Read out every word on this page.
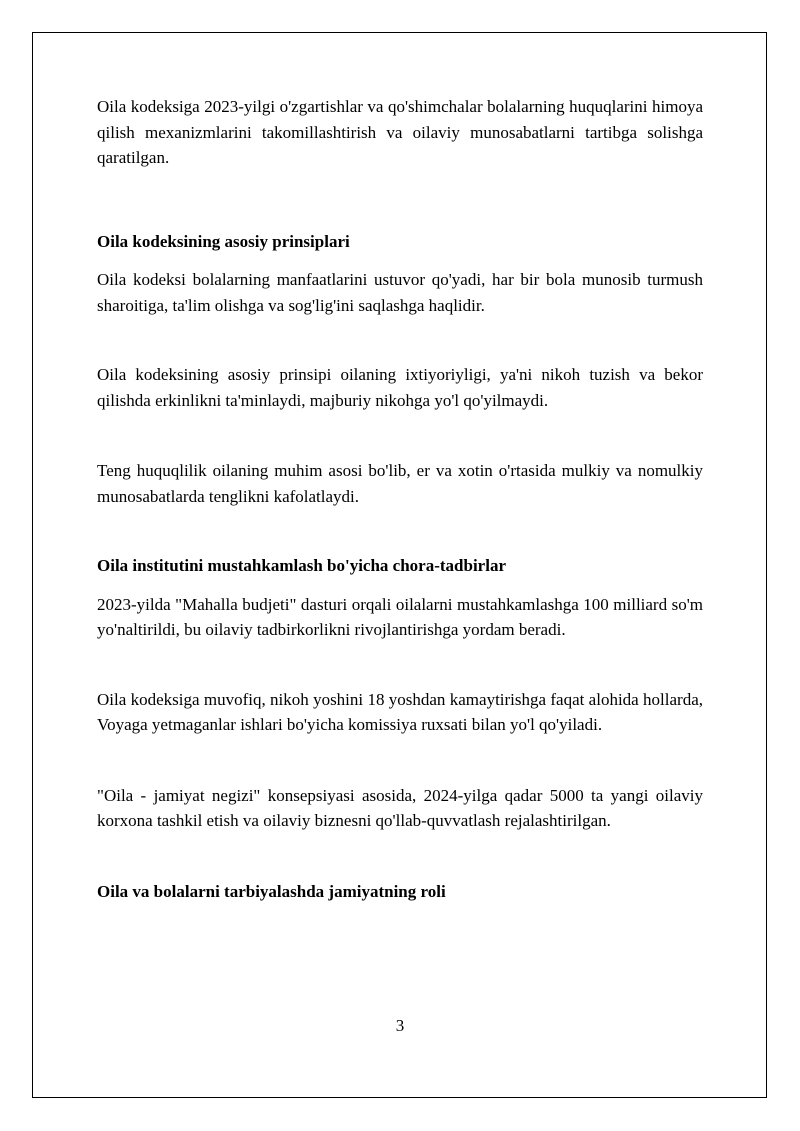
Oila kodeksiga 2023-yilgi o'zgartishlar va qo'shimchalar bolalarning huquqlarini himoya qilish mexanizmlarini takomillashtirish va oilaviy munosabatlarni tartibga solishga qaratilgan.

Oila kodeksining asosiy prinsiplari

Oila kodeksi bolalarning manfaatlarini ustuvor qo'yadi, har bir bola munosib turmush sharoitiga, ta'lim olishga va sog'lig'ini saqlashga haqlidir.

Oila kodeksining asosiy prinsipi oilaning ixtiyoriyligi, ya'ni nikoh tuzish va bekor qilishda erkinlikni ta'minlaydi, majburiy nikohga yo'l qo'yilmaydi.

Teng huquqlilik oilaning muhim asosi bo'lib, er va xotin o'rtasida mulkiy va nomulkiy munosabatlarda tenglikni kafolatlaydi.

Oila institutini mustahkamlash bo'yicha chora-tadbirlar

2023-yilda "Mahalla budjeti" dasturi orqali oilalarni mustahkamlashga 100 milliard so'm yo'naltirildi, bu oilaviy tadbirkorlikni rivojlantirishga yordam beradi.

Oila kodeksiga muvofiq, nikoh yoshini 18 yoshdan kamaytirishga faqat alohida hollarda, Voyaga yetmaganlar ishlari bo'yicha komissiya ruxsati bilan yo'l qo'yiladi.

"Oila - jamiyat negizi" konsepsiyasi asosida, 2024-yilga qadar 5000 ta yangi oilaviy korxona tashkil etish va oilaviy biznesni qo'llab-quvvatlash rejalashtirilgan.

Oila va bolalarni tarbiyalashda jamiyatning roli

3
